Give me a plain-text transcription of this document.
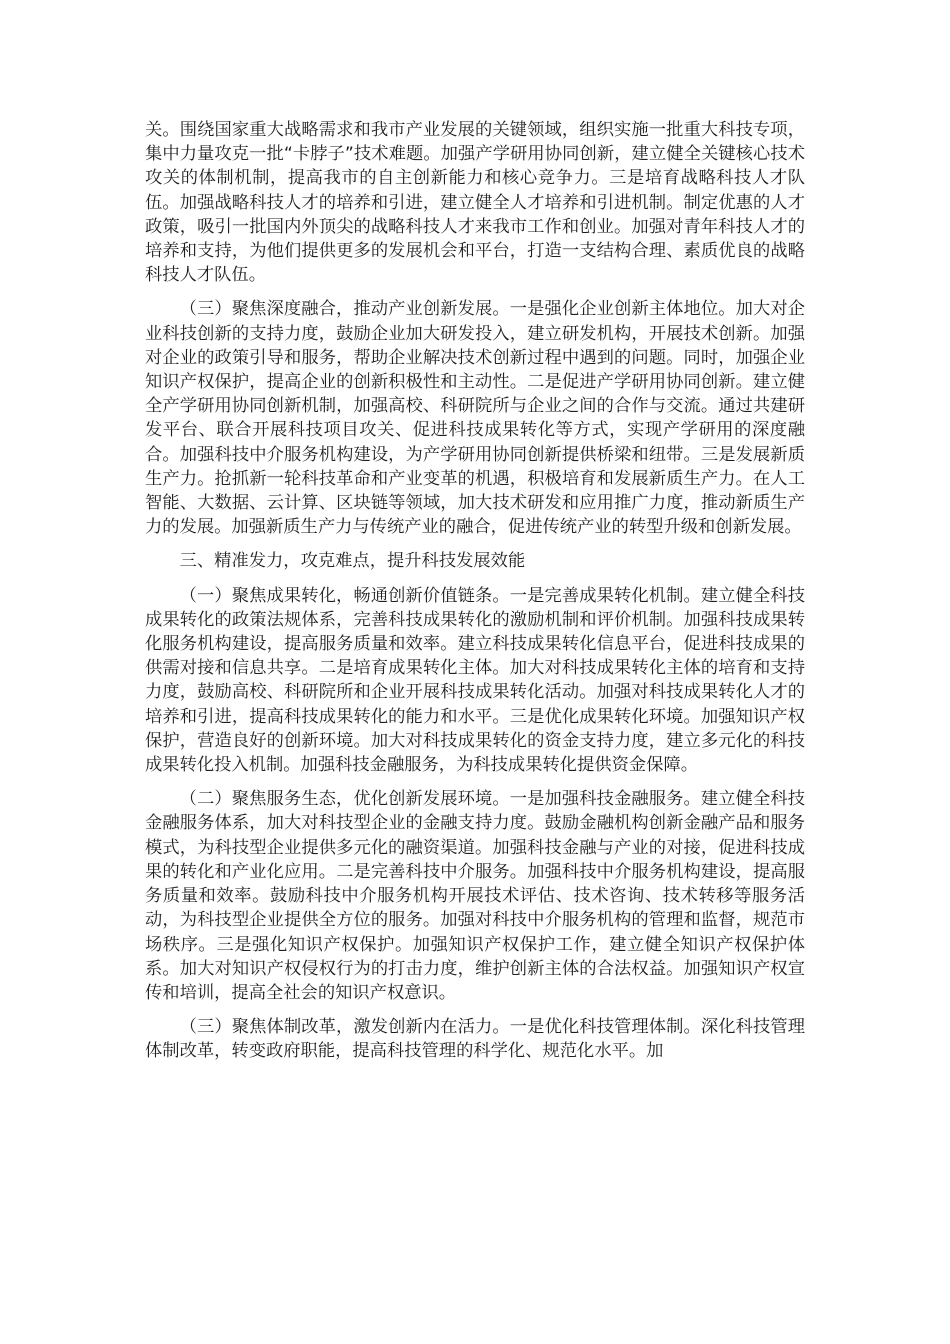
关。围绕国家重大战略需求和我市产业发展的关键领域，组织实施一批重大科技专项，集中力量攻克一批“卡脖子”技术难题。加强产学研用协同创新，建立健全关键核心技术攻关的体制机制，提高我市的自主创新能力和核心竞争力。三是培育战略科技人才队伍。加强战略科技人才的培养和引进，建立健全人才培养和引进机制。制定优惠的人才政策，吸引一批国内外顶尖的战略科技人才来我市工作和创业。加强对青年科技人才的培养和支持，为他们提供更多的发展机会和平台，打造一支结构合理、素质优良的战略科技人才队伍。

（三）聚焦深度融合，推动产业创新发展。一是强化企业创新主体地位。加大对企业科技创新的支持力度，鼓励企业加大研发投入，建立研发机构，开展技术创新。加强对企业的政策引导和服务，帮助企业解决技术创新过程中遇到的问题。同时，加强企业知识产权保护，提高企业的创新积极性和主动性。二是促进产学研用协同创新。建立健全产学研用协同创新机制，加强高校、科研院所与企业之间的合作与交流。通过共建研发平台、联合开展科技项目攻关、促进科技成果转化等方式，实现产学研用的深度融合。加强科技中介服务机构建设，为产学研用协同创新提供桥梁和纽带。三是发展新质生产力。抢抓新一轮科技革命和产业变革的机遇，积极培育和发展新质生产力。在人工智能、大数据、云计算、区块链等领域，加大技术研发和应用推广力度，推动新质生产力的发展。加强新质生产力与传统产业的融合，促进传统产业的转型升级和创新发展。

三、精准发力，攻克难点，提升科技发展效能

（一）聚焦成果转化，畅通创新价值链条。一是完善成果转化机制。建立健全科技成果转化的政策法规体系，完善科技成果转化的激励机制和评价机制。加强科技成果转化服务机构建设，提高服务质量和效率。建立科技成果转化信息平台，促进科技成果的供需对接和信息共享。二是培育成果转化主体。加大对科技成果转化主体的培育和支持力度，鼓励高校、科研院所和企业开展科技成果转化活动。加强对科技成果转化人才的培养和引进，提高科技成果转化的能力和水平。三是优化成果转化环境。加强知识产权保护，营造良好的创新环境。加大对科技成果转化的资金支持力度，建立多元化的科技成果转化投入机制。加强科技金融服务，为科技成果转化提供资金保障。

（二）聚焦服务生态，优化创新发展环境。一是加强科技金融服务。建立健全科技金融服务体系，加大对科技型企业的金融支持力度。鼓励金融机构创新金融产品和服务模式，为科技型企业提供多元化的融资渠道。加强科技金融与产业的对接，促进科技成果的转化和产业化应用。二是完善科技中介服务。加强科技中介服务机构建设，提高服务质量和效率。鼓励科技中介服务机构开展技术评估、技术咨询、技术转移等服务活动，为科技型企业提供全方位的服务。加强对科技中介服务机构的管理和监督，规范市场秩序。三是强化知识产权保护。加强知识产权保护工作，建立健全知识产权保护体系。加大对知识产权侵权行为的打击力度，维护创新主体的合法权益。加强知识产权宣传和培训，提高全社会的知识产权意识。

（三）聚焦体制改革，激发创新内在活力。一是优化科技管理体制。深化科技管理体制改革，转变政府职能，提高科技管理的科学化、规范化水平。加
